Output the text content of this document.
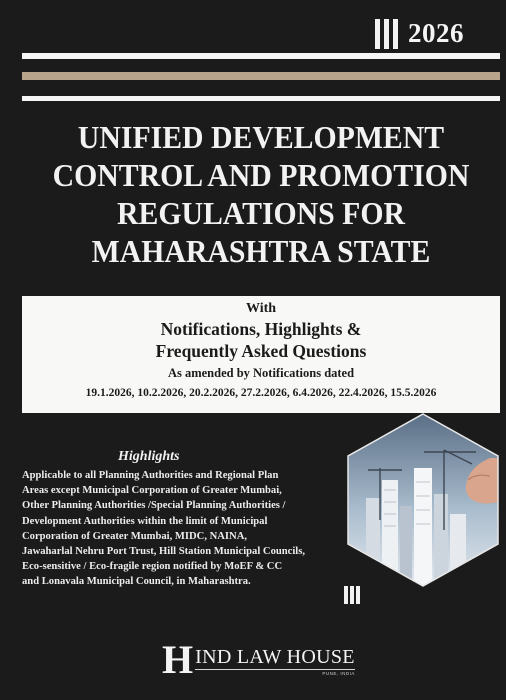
2026
UNIFIED DEVELOPMENT
CONTROL AND PROMOTION
REGULATIONS FOR
MAHARASHTRA STATE
With
Notifications, Highlights &
Frequently Asked Questions
As amended by Notifications dated
19.1.2026, 10.2.2026, 20.2.2026, 27.2.2026, 6.4.2026, 22.4.2026, 15.5.2026
Highlights
Applicable to all Planning Authorities and Regional Plan
Areas except Municipal Corporation of Greater Mumbai,
Other Planning Authorities /Special Planning Authorities /
Development Authorities within the limit of Municipal
Corporation of Greater Mumbai, MIDC, NAINA,
Jawaharlal Nehru Port Trust, Hill Station Municipal Councils,
Eco-sensitive / Eco-fragile region notified by MoEF & CC
and Lonavala Municipal Council, in Maharashtra.
H IND LAW HOUSE
PUNE, INDIA
